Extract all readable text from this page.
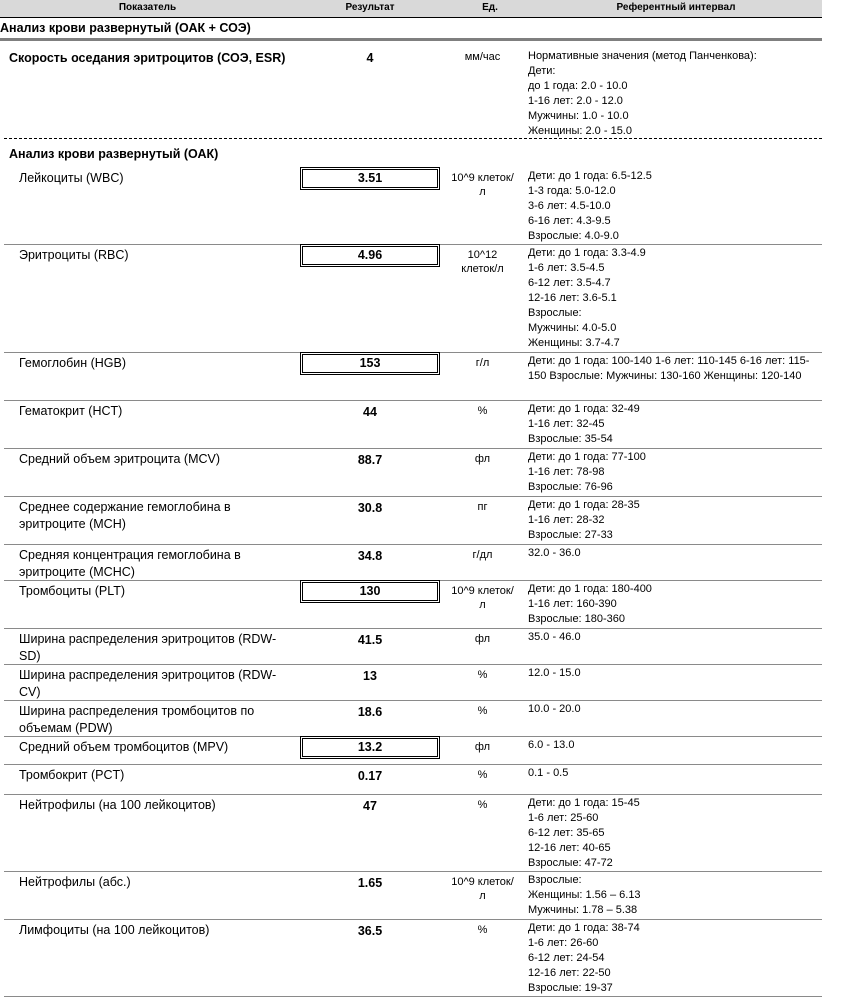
Показатель	Результат	Ед.	Референтный интервал
Анализ крови развернутый (ОАК + СОЭ)
Скорость оседания эритроцитов (СОЭ, ESR)	4	мм/час	Нормативные значения (метод Панченкова):
Дети:
до 1 года: 2.0 - 10.0
1-16 лет: 2.0 - 12.0
Мужчины: 1.0 - 10.0
Женщины: 2.0 - 15.0
Анализ крови развернутый (ОАК)
Лейкоциты (WBC)	3.51	10^9 клеток/л
Дети: до 1 года: 6.5-12.5
1-3 года: 5.0-12.0
3-6 лет: 4.5-10.0
6-16 лет: 4.3-9.5
Взрослые: 4.0-9.0
Эритроциты (RBC)	4.96	10^12 клеток/л
Дети: до 1 года: 3.3-4.9
1-6 лет: 3.5-4.5
6-12 лет: 3.5-4.7
12-16 лет: 3.6-5.1
Взрослые:
Мужчины: 4.0-5.0
Женщины: 3.7-4.7
Гемоглобин (HGB)	153	г/л	Дети: до 1 года: 100-140 1-6 лет: 110-145 6-16 лет: 115-150 Взрослые: Мужчины: 130-160 Женщины: 120-140
Гематокрит (HCT)	44	%	Дети: до 1 года: 32-49
1-16 лет: 32-45
Взрослые: 35-54
Средний объем эритроцита (MCV)	88.7	фл	Дети: до 1 года: 77-100
1-16 лет: 78-98
Взрослые: 76-96
Среднее содержание гемоглобина в эритроците (MCH)
30.8	пг	Дети: до 1 года: 28-35
1-16 лет: 28-32
Взрослые: 27-33
Средняя концентрация гемоглобина в эритроците (MCHC)
34.8	г/дл	32.0 - 36.0
Тромбоциты (PLT)	130	10^9 клеток/л
Дети: до 1 года: 180-400
1-16 лет: 160-390
Взрослые: 180-360
Ширина распределения эритроцитов (RDW-SD)
41.5	фл	35.0 - 46.0
Ширина распределения эритроцитов (RDW-CV)
13	%	12.0 - 15.0
Ширина распределения тромбоцитов по объемам (PDW)
18.6	%	10.0 - 20.0
Средний объем тромбоцитов (MPV)	13.2	фл	6.0 - 13.0
Тромбокрит (PCT)	0.17	%	0.1 - 0.5
Нейтрофилы (на 100 лейкоцитов)	47	%	Дети: до 1 года: 15-45
1-6 лет: 25-60
6-12 лет: 35-65
12-16 лет: 40-65
Взрослые: 47-72
Нейтрофилы (абс.)	1.65	10^9 клеток/л
Взрослые:
Женщины: 1.56 – 6.13
Мужчины: 1.78 – 5.38
Лимфоциты (на 100 лейкоцитов)	36.5	%	Дети: до 1 года: 38-74
1-6 лет: 26-60
6-12 лет: 24-54
12-16 лет: 22-50
Взрослые: 19-37
